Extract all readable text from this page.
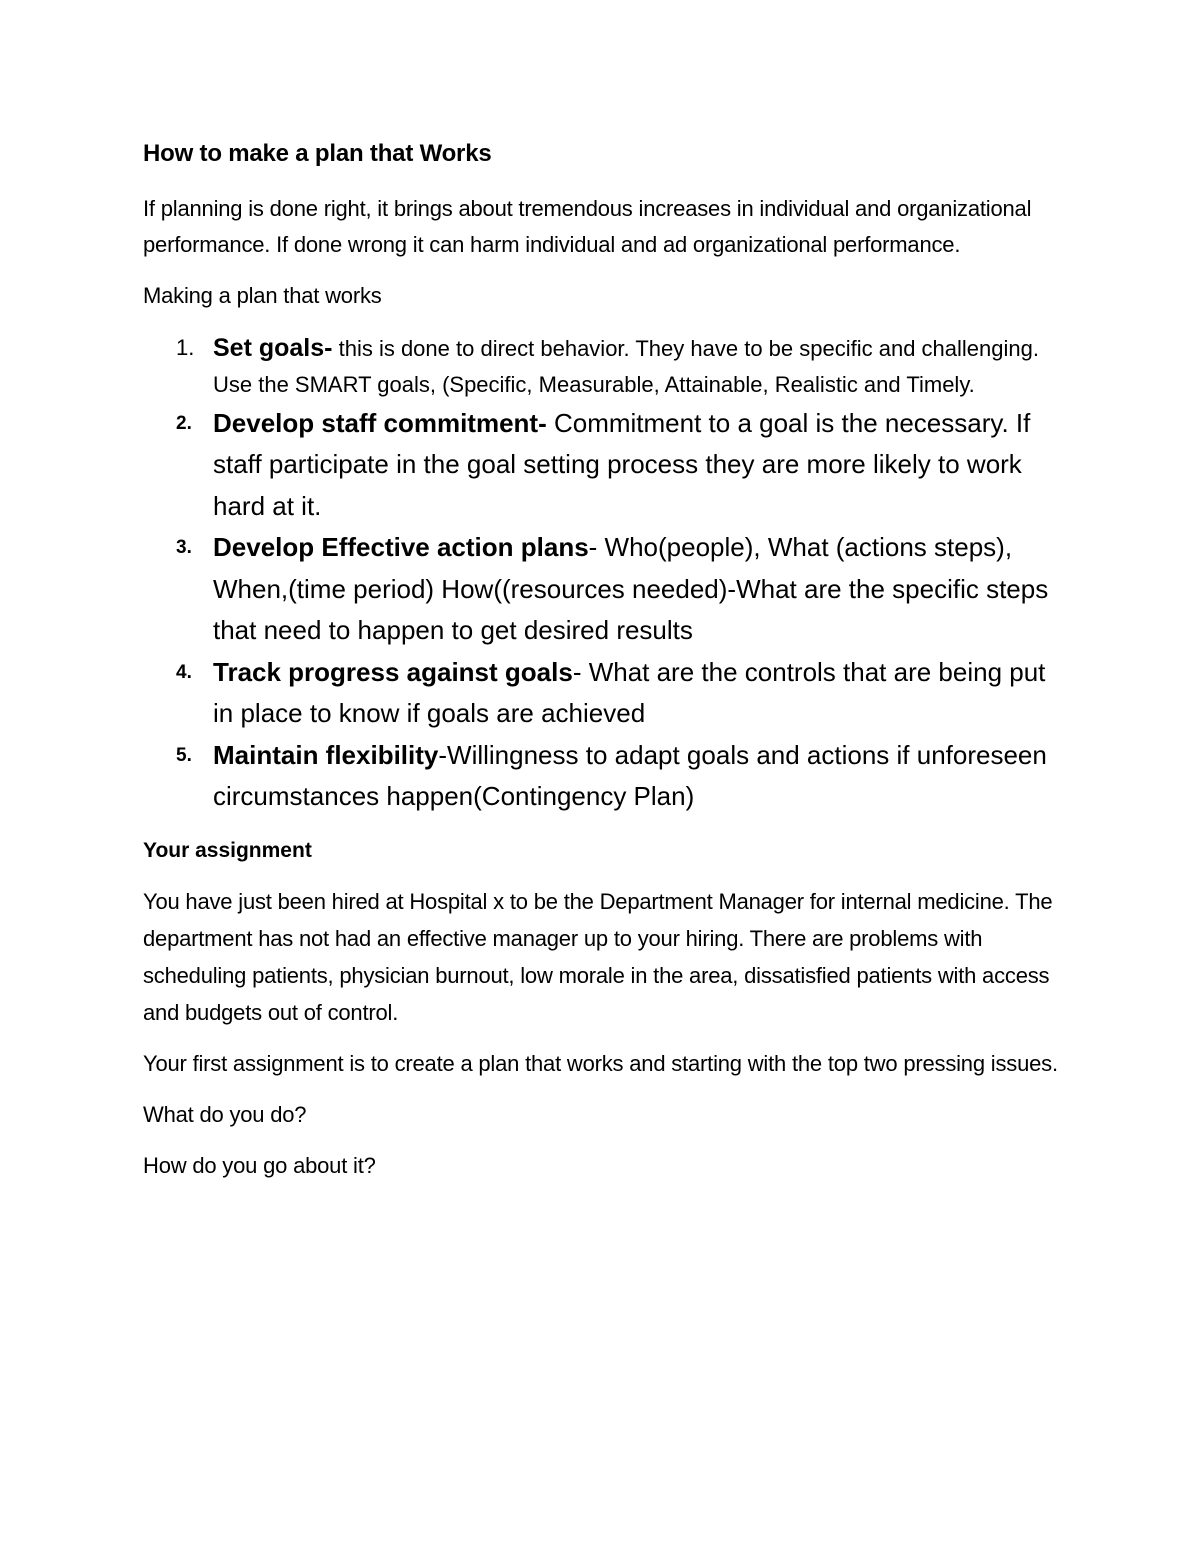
How to make a plan that Works

If planning is done right, it brings about tremendous increases in individual and organizational performance. If done wrong it can harm individual and ad organizational performance.

Making a plan that works

1. Set goals- this is done to direct behavior. They have to be specific and challenging. Use the SMART goals, (Specific, Measurable, Attainable, Realistic and Timely.
2. Develop staff commitment- Commitment to a goal is the necessary. If staff participate in the goal setting process they are more likely to work hard at it.
3. Develop Effective action plans- Who(people), What (actions steps), When,(time period) How((resources needed)-What are the specific steps that need to happen to get desired results
4. Track progress against goals- What are the controls that are being put in place to know if goals are achieved
5. Maintain flexibility-Willingness to adapt goals and actions if unforeseen circumstances happen(Contingency Plan)
Your assignment

You have just been hired at Hospital x to be the Department Manager for internal medicine. The department has not had an effective manager up to your hiring. There are problems with scheduling patients, physician burnout, low morale in the area, dissatisfied patients with access and budgets out of control.

Your first assignment is to create a plan that works and starting with the top two pressing issues.

What do you do?

How do you go about it?
